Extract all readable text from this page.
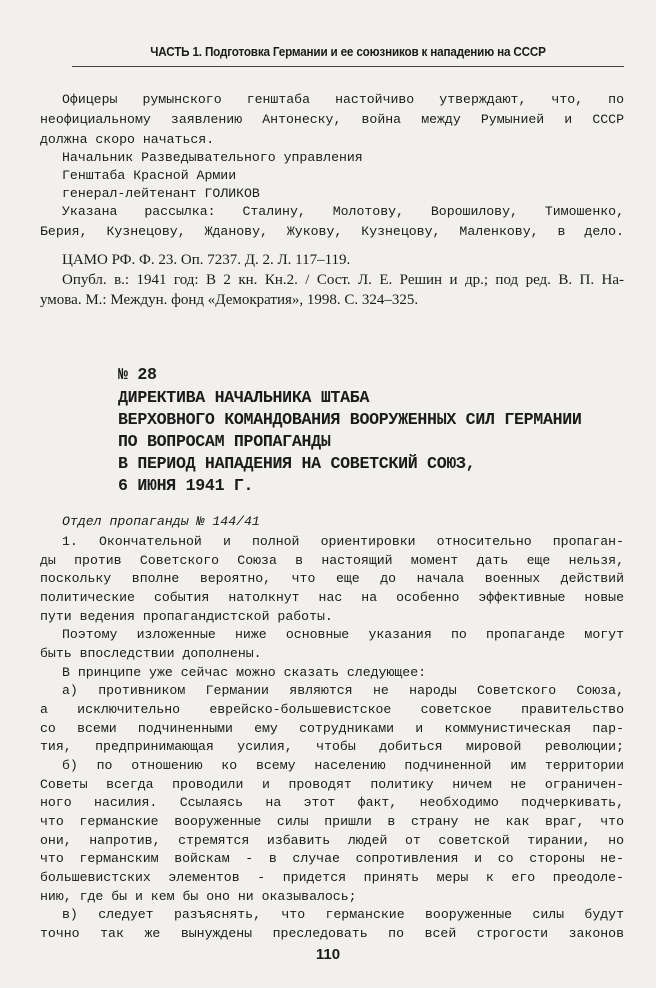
ЧАСТЬ 1. Подготовка Германии и ее союзников к нападению на СССР
Офицеры румынского генштаба настойчиво утверждают, что, по
неофициальному заявлению Антонеску, война между Румынией и СССР
должна скоро начаться.
Начальник Разведывательного управления
Генштаба Красной Армии
генерал-лейтенант ГОЛИКОВ
Указана рассылка: Сталину, Молотову, Ворошилову, Тимошенко,
Берия, Кузнецову, Жданову, Жукову, Кузнецову, Маленкову, в дело.
ЦАМО РФ. Ф. 23. Оп. 7237. Д. 2. Л. 117–119.
Опубл. в.: 1941 год: В 2 кн. Кн.2. / Сост. Л. Е. Решин и др.; под ред. В. П. На-
умова. М.: Междун. фонд «Демократия», 1998. С. 324–325.
№ 28
ДИРЕКТИВА НАЧАЛЬНИКА ШТАБА
ВЕРХОВНОГО КОМАНДОВАНИЯ ВООРУЖЕННЫХ СИЛ ГЕРМАНИИ
ПО ВОПРОСАМ ПРОПАГАНДЫ
В ПЕРИОД НАПАДЕНИЯ НА СОВЕТСКИЙ СОЮЗ,
6 ИЮНЯ 1941 Г.
Отдел пропаганды № 144/41
1. Окончательной и полной ориентировки относительно пропаган-
ды против Советского Союза в настоящий момент дать еще нельзя,
поскольку вполне вероятно, что еще до начала военных действий
политические события натолкнут нас на особенно эффективные новые
пути ведения пропагандистской работы.
Поэтому изложенные ниже основные указания по пропаганде могут
быть впоследствии дополнены.
В принципе уже сейчас можно сказать следующее:
а) противником Германии являются не народы Советского Союза,
а исключительно еврейско-большевистское советское правительство
со всеми подчиненными ему сотрудниками и коммунистическая пар-
тия, предпринимающая усилия, чтобы добиться мировой революции;
б) по отношению ко всему населению подчиненной им территории
Советы всегда проводили и проводят политику ничем не ограничен-
ного насилия. Ссылаясь на этот факт, необходимо подчеркивать,
что германские вооруженные силы пришли в страну не как враг, что
они, напротив, стремятся избавить людей от советской тирании, но
что германским войскам - в случае сопротивления и со стороны не-
большевистских элементов - придется принять меры к его преодоле-
нию, где бы и кем бы оно ни оказывалось;
в) следует разъяснять, что германские вооруженные силы будут
точно так же вынуждены преследовать по всей строгости законов
110
